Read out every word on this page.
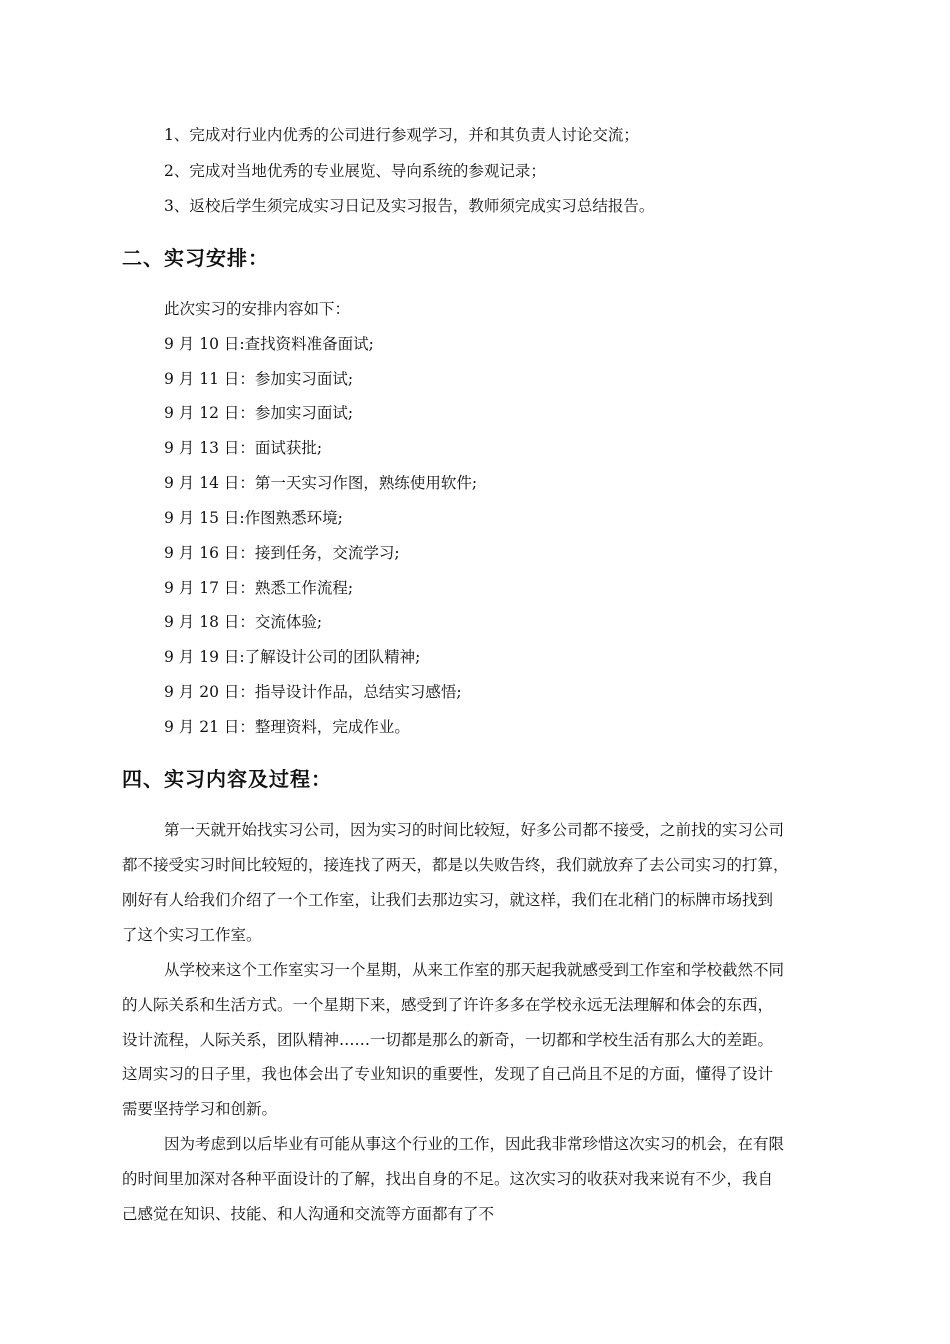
1、完成对行业内优秀的公司进行参观学习，并和其负责人讨论交流；
2、完成对当地优秀的专业展览、导向系统的参观记录；
3、返校后学生须完成实习日记及实习报告，教师须完成实习总结报告。
二、实习安排：
此次实习的安排内容如下：
9 月 10 日:查找资料准备面试;
9 月 11 日：参加实习面试;
9 月 12 日：参加实习面试;
9 月 13 日：面试获批;
9 月 14 日：第一天实习作图，熟练使用软件;
9 月 15 日:作图熟悉环境;
9 月 16 日：接到任务，交流学习;
9 月 17 日：熟悉工作流程;
9 月 18 日：交流体验;
9 月 19 日:了解设计公司的团队精神;
9 月 20 日：指导设计作品，总结实习感悟;
9 月 21 日：整理资料，完成作业。
四、实习内容及过程：
第一天就开始找实习公司，因为实习的时间比较短，好多公司都不接受，之前找的实习公司
都不接受实习时间比较短的，接连找了两天，都是以失败告终，我们就放弃了去公司实习的打算，
刚好有人给我们介绍了一个工作室，让我们去那边实习，就这样，我们在北稍门的标牌市场找到
了这个实习工作室。
从学校来这个工作室实习一个星期，从来工作室的那天起我就感受到工作室和学校截然不同
的人际关系和生活方式。一个星期下来，感受到了许许多多在学校永远无法理解和体会的东西，
设计流程，人际关系，团队精神……一切都是那么的新奇，一切都和学校生活有那么大的差距。
这周实习的日子里，我也体会出了专业知识的重要性，发现了自己尚且不足的方面，懂得了设计
需要坚持学习和创新。
因为考虑到以后毕业有可能从事这个行业的工作，因此我非常珍惜这次实习的机会，在有限
的时间里加深对各种平面设计的了解，找出自身的不足。这次实习的收获对我来说有不少，我自
己感觉在知识、技能、和人沟通和交流等方面都有了不
